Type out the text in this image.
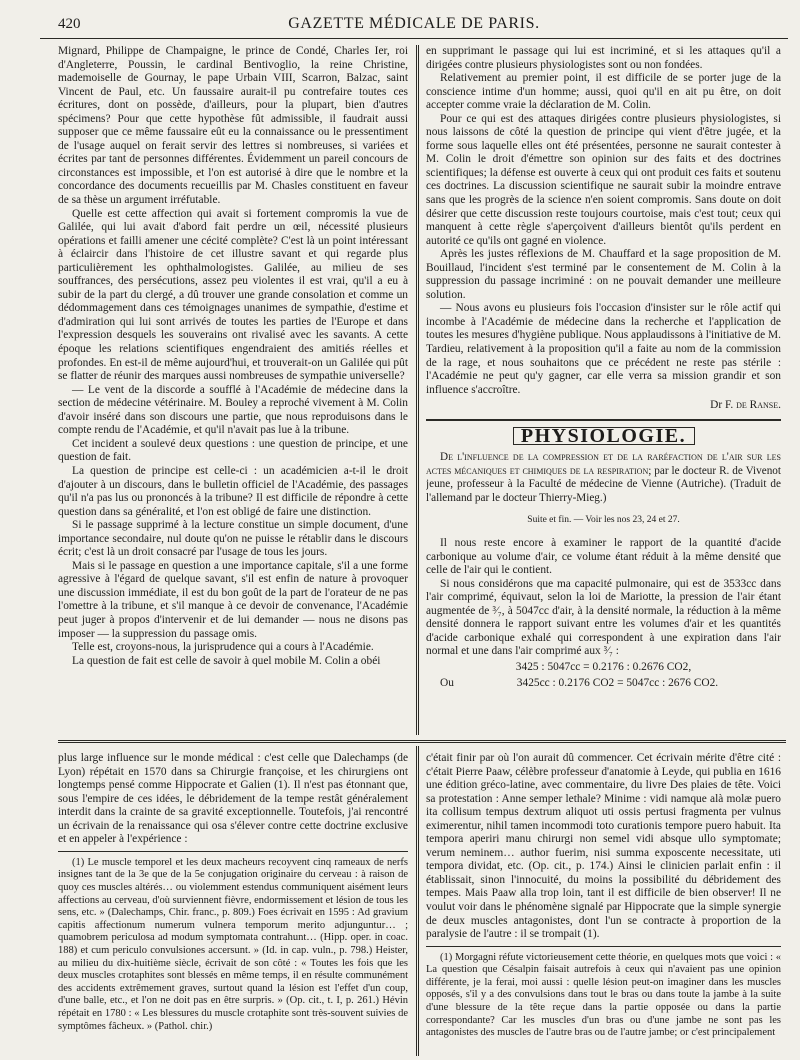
420	GAZETTE MÉDICALE DE PARIS.

Mignard, Philippe de Champaigne, le prince de Condé, Charles Ier, roi d'Angleterre, Poussin, le cardinal Bentivoglio, la reine Christine, mademoiselle de Gournay, le pape Urbain VIII, Scarron, Balzac, saint Vincent de Paul, etc. Un faussaire aurait-il pu contrefaire toutes ces écritures, dont on possède, d'ailleurs, pour la plupart, bien d'autres spécimens? Pour que cette hypothèse fût admissible, il faudrait aussi supposer que ce même faussaire eût eu la connaissance ou le pressentiment de l'usage auquel on ferait servir des lettres si nombreuses, si variées et écrites par tant de personnes différentes. Évidemment un pareil concours de circonstances est impossible, et l'on est autorisé à dire que le nombre et la concordance des documents recueillis par M. Chasles constituent en faveur de sa thèse un argument irréfutable.

Quelle est cette affection qui avait si fortement compromis la vue de Galilée, qui lui avait d'abord fait perdre un œil, nécessité plusieurs opérations et failli amener une cécité complète? C'est là un point intéressant à éclaircir dans l'histoire de cet illustre savant et qui regarde plus particulièrement les ophthalmologistes. Galilée, au milieu de ses souffrances, des persécutions, assez peu violentes il est vrai, qu'il a eu à subir de la part du clergé, a dû trouver une grande consolation et comme un dédommagement dans ces témoignages unanimes de sympathie, d'estime et d'admiration qui lui sont arrivés de toutes les parties de l'Europe et dans l'expression desquels les souverains ont rivalisé avec les savants. A cette époque les relations scientifiques engendraient des amitiés réelles et profondes. En est-il de même aujourd'hui, et trouverait-on un Galilée qui pût se flatter de réunir des marques aussi nombreuses de sympathie universelle?

— Le vent de la discorde a soufflé à l'Académie de médecine dans la section de médecine vétérinaire. M. Bouley a reproché vivement à M. Colin d'avoir inséré dans son discours une partie, que nous reproduisons dans le compte rendu de l'Académie, et qu'il n'avait pas lue à la tribune.

Cet incident a soulevé deux questions : une question de principe, et une question de fait.

La question de principe est celle-ci : un académicien a-t-il le droit d'ajouter à un discours, dans le bulletin officiel de l'Académie, des passages qu'il n'a pas lus ou prononcés à la tribune? Il est difficile de répondre à cette question dans sa généralité, et l'on est obligé de faire une distinction.

Si le passage supprimé à la lecture constitue un simple document, d'une importance secondaire, nul doute qu'on ne puisse le rétablir dans le discours écrit; c'est là un droit consacré par l'usage de tous les jours.

Mais si le passage en question a une importance capitale, s'il a une forme agressive à l'égard de quelque savant, s'il est enfin de nature à provoquer une discussion immédiate, il est du bon goût de la part de l'orateur de ne pas l'omettre à la tribune, et s'il manque à ce devoir de convenance, l'Académie peut juger à propos d'intervenir et de lui demander — nous ne disons pas imposer — la suppression du passage omis.

Telle est, croyons-nous, la jurisprudence qui a cours à l'Académie.

La question de fait est celle de savoir à quel mobile M. Colin a obéi

en supprimant le passage qui lui est incriminé, et si les attaques qu'il a dirigées contre plusieurs physiologistes sont ou non fondées.

Relativement au premier point, il est difficile de se porter juge de la conscience intime d'un homme; aussi, quoi qu'il en ait pu être, on doit accepter comme vraie la déclaration de M. Colin.

Pour ce qui est des attaques dirigées contre plusieurs physiologistes, si nous laissons de côté la question de principe qui vient d'être jugée, et la forme sous laquelle elles ont été présentées, personne ne saurait contester à M. Colin le droit d'émettre son opinion sur des faits et des doctrines scientifiques; la défense est ouverte à ceux qui ont produit ces faits et soutenu ces doctrines. La discussion scientifique ne saurait subir la moindre entrave sans que les progrès de la science n'en soient compromis. Sans doute on doit désirer que cette discussion reste toujours courtoise, mais c'est tout; ceux qui manquent à cette règle s'aperçoivent d'ailleurs bientôt qu'ils perdent en autorité ce qu'ils ont gagné en violence.

Après les justes réflexions de M. Chauffard et la sage proposition de M. Bouillaud, l'incident s'est terminé par le consentement de M. Colin à la suppression du passage incriminé : on ne pouvait demander une meilleure solution.

— Nous avons eu plusieurs fois l'occasion d'insister sur le rôle actif qui incombe à l'Académie de médecine dans la recherche et l'application de toutes les mesures d'hygiène publique. Nous applaudissons à l'initiative de M. Tardieu, relativement à la proposition qu'il a faite au nom de la commission de la rage, et nous souhaitons que ce précédent ne reste pas stérile : l'Académie ne peut qu'y gagner, car elle verra sa mission grandir et son influence s'accroître.

Dr F. de Ranse.
PHYSIOLOGIE.

De l'influence de la compression et de la raréfaction de l'air sur les actes mécaniques et chimiques de la respiration; par le docteur R. de Vivenot jeune, professeur à la Faculté de médecine de Vienne (Autriche). (Traduit de l'allemand par le docteur Thierry-Mieg.)

Suite et fin. — Voir les nos 23, 24 et 27.

Il nous reste encore à examiner le rapport de la quantité d'acide carbonique au volume d'air, ce volume étant réduit à la même densité que celle de l'air qui le contient.

Si nous considérons que ma capacité pulmonaire, qui est de 3533cc dans l'air comprimé, équivaut, selon la loi de Mariotte, la pression de l'air étant augmentée de ³⁄₇, à 5047cc d'air, à la densité normale, la réduction à la même densité donnera le rapport suivant entre les volumes d'air et les quantités d'acide carbonique exhalé qui correspondent à une expiration dans l'air normal et une dans l'air comprimé aux ³⁄₇ :

3425 : 5047cc = 0.2176 : 0.2676 CO2,
Ou	3425cc : 0.2176 CO2 = 5047cc : 2676 CO2.

plus large influence sur le monde médical : c'est celle que Dalechamps (de Lyon) répétait en 1570 dans sa Chirurgie françoise, et les chirurgiens ont longtemps pensé comme Hippocrate et Galien (1). Il n'est pas étonnant que, sous l'empire de ces idées, le débridement de la tempe restât généralement interdit dans la crainte de sa gravité exceptionnelle. Toutefois, j'ai rencontré un écrivain de la renaissance qui osa s'élever contre cette doctrine exclusive et en appeler à l'expérience :

(1) Le muscle temporel et les deux macheurs recoyvent cinq rameaux de nerfs insignes tant de la 3e que de la 5e conjugation originaire du cerveau : à raison de quoy ces muscles altérés… ou violemment estendus communiquent aisément leurs affections au cerveau, d'où surviennent fièvre, endormissement et lésion de tous les sens, etc. » (Dalechamps, Chir. franc., p. 809.) Foes écrivait en 1595 : Ad gravium capitis affectionum numerum vulnera temporum merito adjunguntur… ; quamobrem periculosa ad modum symptomata contrahunt… (Hipp. oper. in coac. 188) et cum periculo convulsiones accersunt. » (Id. in cap. vuln., p. 798.) Heister, au milieu du dix-huitième siècle, écrivait de son côté : « Toutes les fois que les deux muscles crotaphites sont blessés en même temps, il en résulte communément des accidents extrêmement graves, surtout quand la lésion est l'effet d'un coup, d'une balle, etc., et l'on ne doit pas en être surpris. » (Op. cit., t. I, p. 261.) Hévin répétait en 1780 : « Les blessures du muscle crotaphite sont très-souvent suivies de symptômes fâcheux. » (Pathol. chir.)

c'était finir par où l'on aurait dû commencer. Cet écrivain mérite d'être cité : c'était Pierre Paaw, célèbre professeur d'anatomie à Leyde, qui publia en 1616 une édition gréco-latine, avec commentaire, du livre Des plaies de tête. Voici sa protestation : Anne semper lethale? Minime : vidi namque alà molæ puero ita collisum tempus dextrum aliquot uti ossis pertusi fragmenta per vulnus eximerentur, nihil tamen incommodi toto curationis tempore puero habuit. Ita tempora aperiri manu chirurgi non semel vidi absque ullo symptomate; verum neminem… author fuerim, nisi summa exposcente necessitate, uti tempora dividat, etc. (Op. cit., p. 174.) Ainsi le clinicien parlait enfin : il établissait, sinon l'innocuité, du moins la possibilité du débridement des tempes. Mais Paaw alla trop loin, tant il est difficile de bien observer! Il ne voulut voir dans le phénomène signalé par Hippocrate que la simple synergie de deux muscles antagonistes, dont l'un se contracte à proportion de la paralysie de l'autre : il se trompait (1).

(1) Morgagni réfute victorieusement cette théorie, en quelques mots que voici : « La question que Césalpin faisait autrefois à ceux qui n'avaient pas une opinion différente, je la ferai, moi aussi : quelle lésion peut-on imaginer dans les muscles opposés, s'il y a des convulsions dans tout le bras ou dans toute la jambe à la suite d'une blessure de la tête reçue dans la partie opposée ou dans la partie correspondante? Car les muscles d'un bras ou d'une jambe ne sont pas les antagonistes des muscles de l'autre bras ou de l'autre jambe; or c'est principalement
